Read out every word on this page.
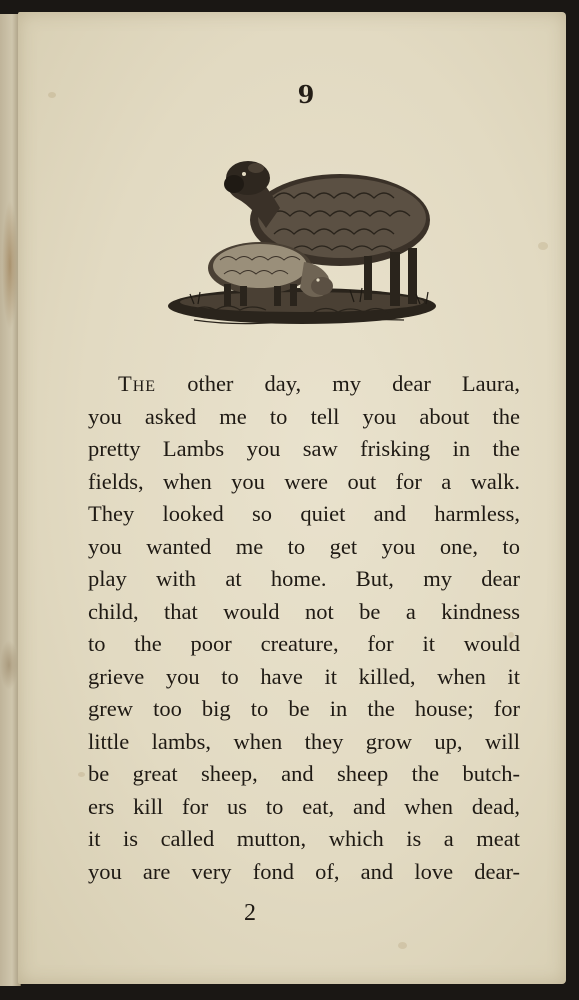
9
The other day, my dear Laura,
you asked me to tell you about the
pretty Lambs you saw frisking in the
fields, when you were out for a walk.
They looked so quiet and harmless,
you wanted me to get you one, to
play with at home. But, my dear
child, that would not be a kindness
to the poor creature, for it would
grieve you to have it killed, when it
grew too big to be in the house; for
little lambs, when they grow up, will
be great sheep, and sheep the butch-
ers kill for us to eat, and when dead,
it is called mutton, which is a meat
you are very fond of, and love dear-
2
